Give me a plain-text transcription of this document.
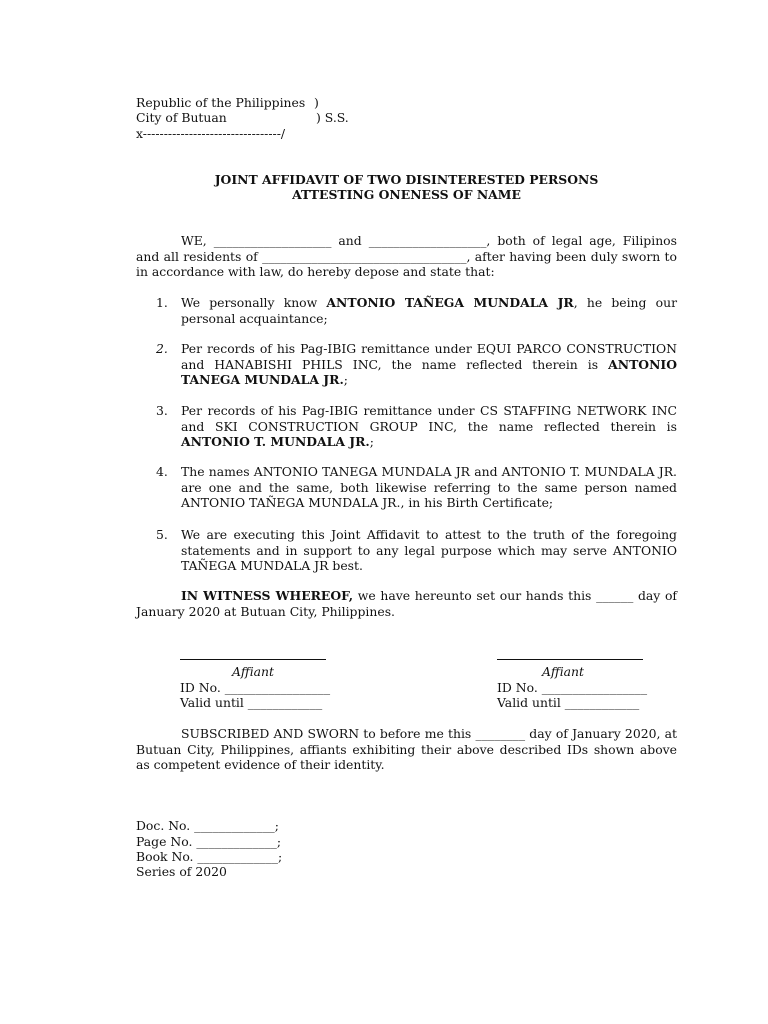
Republic of the Philippines )
City of Butuan	) S.S.
x---------------------------------/
JOINT AFFIDAVIT OF TWO DISINTERESTED PERSONS
ATTESTING ONENESS OF NAME
WE, ___________________ and ___________________, both of legal age, Filipinos and all residents of _________________________________, after having been duly sworn to in accordance with law, do hereby depose and state that:
1. We personally know ANTONIO TAÑEGA MUNDALA JR, he being our personal acquaintance;
2. Per records of his Pag-IBIG remittance under EQUI PARCO CONSTRUCTION and HANABISHI PHILS INC, the name reflected therein is ANTONIO TANEGA MUNDALA JR.;
3. Per records of his Pag-IBIG remittance under CS STAFFING NETWORK INC and SKI CONSTRUCTION GROUP INC, the name reflected therein is ANTONIO T. MUNDALA JR.;
4. The names ANTONIO TANEGA MUNDALA JR and ANTONIO T. MUNDALA JR. are one and the same, both likewise referring to the same person named ANTONIO TAÑEGA MUNDALA JR., in his Birth Certificate;
5. We are executing this Joint Affidavit to attest to the truth of the foregoing statements and in support to any legal purpose which may serve ANTONIO TAÑEGA MUNDALA JR best.
IN WITNESS WHEREOF, we have hereunto set our hands this ______ day of January 2020 at Butuan City, Philippines.
Affiant
ID No. _________________
Valid until ____________
Affiant
ID No. _________________
Valid until ____________
SUBSCRIBED AND SWORN to before me this ________ day of January 2020, at Butuan City, Philippines, affiants exhibiting their above described IDs shown above as competent evidence of their identity.
Doc. No. _____________;
Page No. _____________;
Book No. _____________;
Series of 2020
